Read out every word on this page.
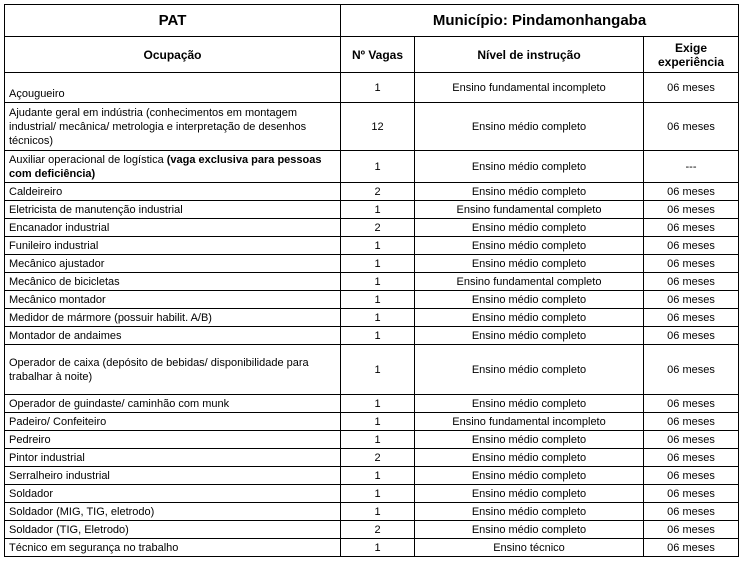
PAT	Município: Pindamonhangaba		
Ocupação	Nº Vagas	Nível de instrução	Exige experiência
Açougueiro	1	Ensino fundamental incompleto	06 meses
Ajudante geral em indústria (conhecimentos em montagem industrial/ mecânica/ metrologia e interpretação de desenhos técnicos)	12	Ensino médio completo	06 meses
Auxiliar operacional de logística (vaga exclusiva para pessoas com deficiência)	1	Ensino médio completo	---
Caldeireiro	2	Ensino médio completo	06 meses
Eletricista de manutenção industrial	1	Ensino fundamental completo	06 meses
Encanador industrial	2	Ensino médio completo	06 meses
Funileiro industrial	1	Ensino médio completo	06 meses
Mecânico ajustador	1	Ensino médio completo	06 meses
Mecânico de bicicletas	1	Ensino fundamental completo	06 meses
Mecânico montador	1	Ensino médio completo	06 meses
Medidor de mármore (possuir habilit. A/B)	1	Ensino médio completo	06 meses
Montador de andaimes	1	Ensino médio completo	06 meses
Operador de caixa (depósito de bebidas/ disponibilidade para trabalhar à noite)	1	Ensino médio completo	06 meses
Operador de guindaste/ caminhão com munk	1	Ensino médio completo	06 meses
Padeiro/ Confeiteiro	1	Ensino fundamental incompleto	06 meses
Pedreiro	1	Ensino médio completo	06 meses
Pintor industrial	2	Ensino médio completo	06 meses
Serralheiro industrial	1	Ensino médio completo	06 meses
Soldador	1	Ensino médio completo	06 meses
Soldador (MIG, TIG, eletrodo)	1	Ensino médio completo	06 meses
Soldador (TIG, Eletrodo)	2	Ensino médio completo	06 meses
Técnico em segurança no trabalho	1	Ensino técnico	06 meses
